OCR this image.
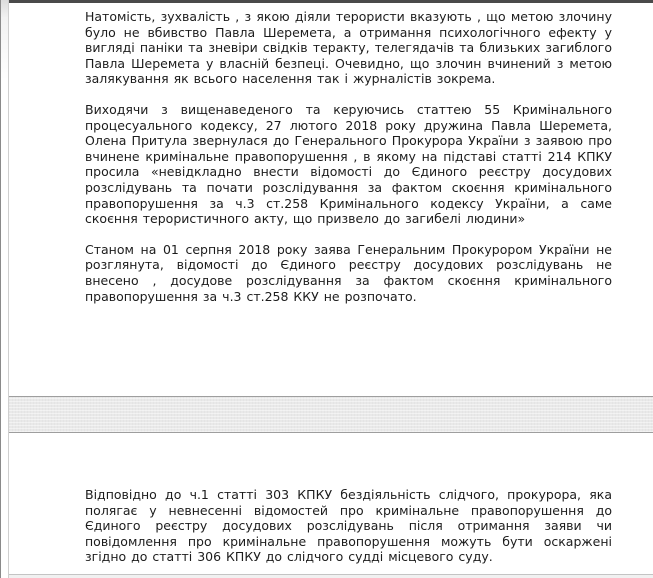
Натомість, зухвалість , з якою діяли терористи вказують , що метою злочину було не вбивство Павла Шеремета, а отримання психологічного ефекту у вигляді паніки та зневіри свідків теракту, телегядачів та близьких загиблого Павла Шеремета у власній безпеці. Очевидно, що злочин вчинений з метою залякування як всього населення так і журналістів зокрема.

Виходячи з вищенаведеного та керуючись статтею 55 Кримінального процесуального кодексу, 27 лютого 2018 року дружина Павла Шеремета, Олена Притула звернулася до Генерального Прокурора України з заявою про вчинене кримінальне правопорушення , в якому на підставі статті 214 КПКУ просила «невідкладно внести відомості до Єдиного реєстру досудових розслідувань та почати розслідування за фактом скоєння кримінального правопорушення за ч.3 ст.258 Кримінального кодексу України, а саме скоєння терористичного акту, що призвело до загибелі людини»

Станом на 01 серпня 2018 року заява Генеральним Прокурором України не розглянута, відомості до Єдиного реєстру досудових розслідувань не внесено , досудове розслідування за фактом скоєння кримінального правопорушення за ч.3 ст.258 ККУ не розпочато.

Відповідно до ч.1 статті 303 КПКУ бездіяльність слідчого, прокурора, яка полягає у невнесенні відомостей про кримінальне правопорушення до Єдиного реєстру досудових розслідувань після отримання заяви чи повідомлення про кримінальне правопорушення можуть бути оскаржені згідно до статті 306 КПКУ до слідчого судді місцевого суду.
